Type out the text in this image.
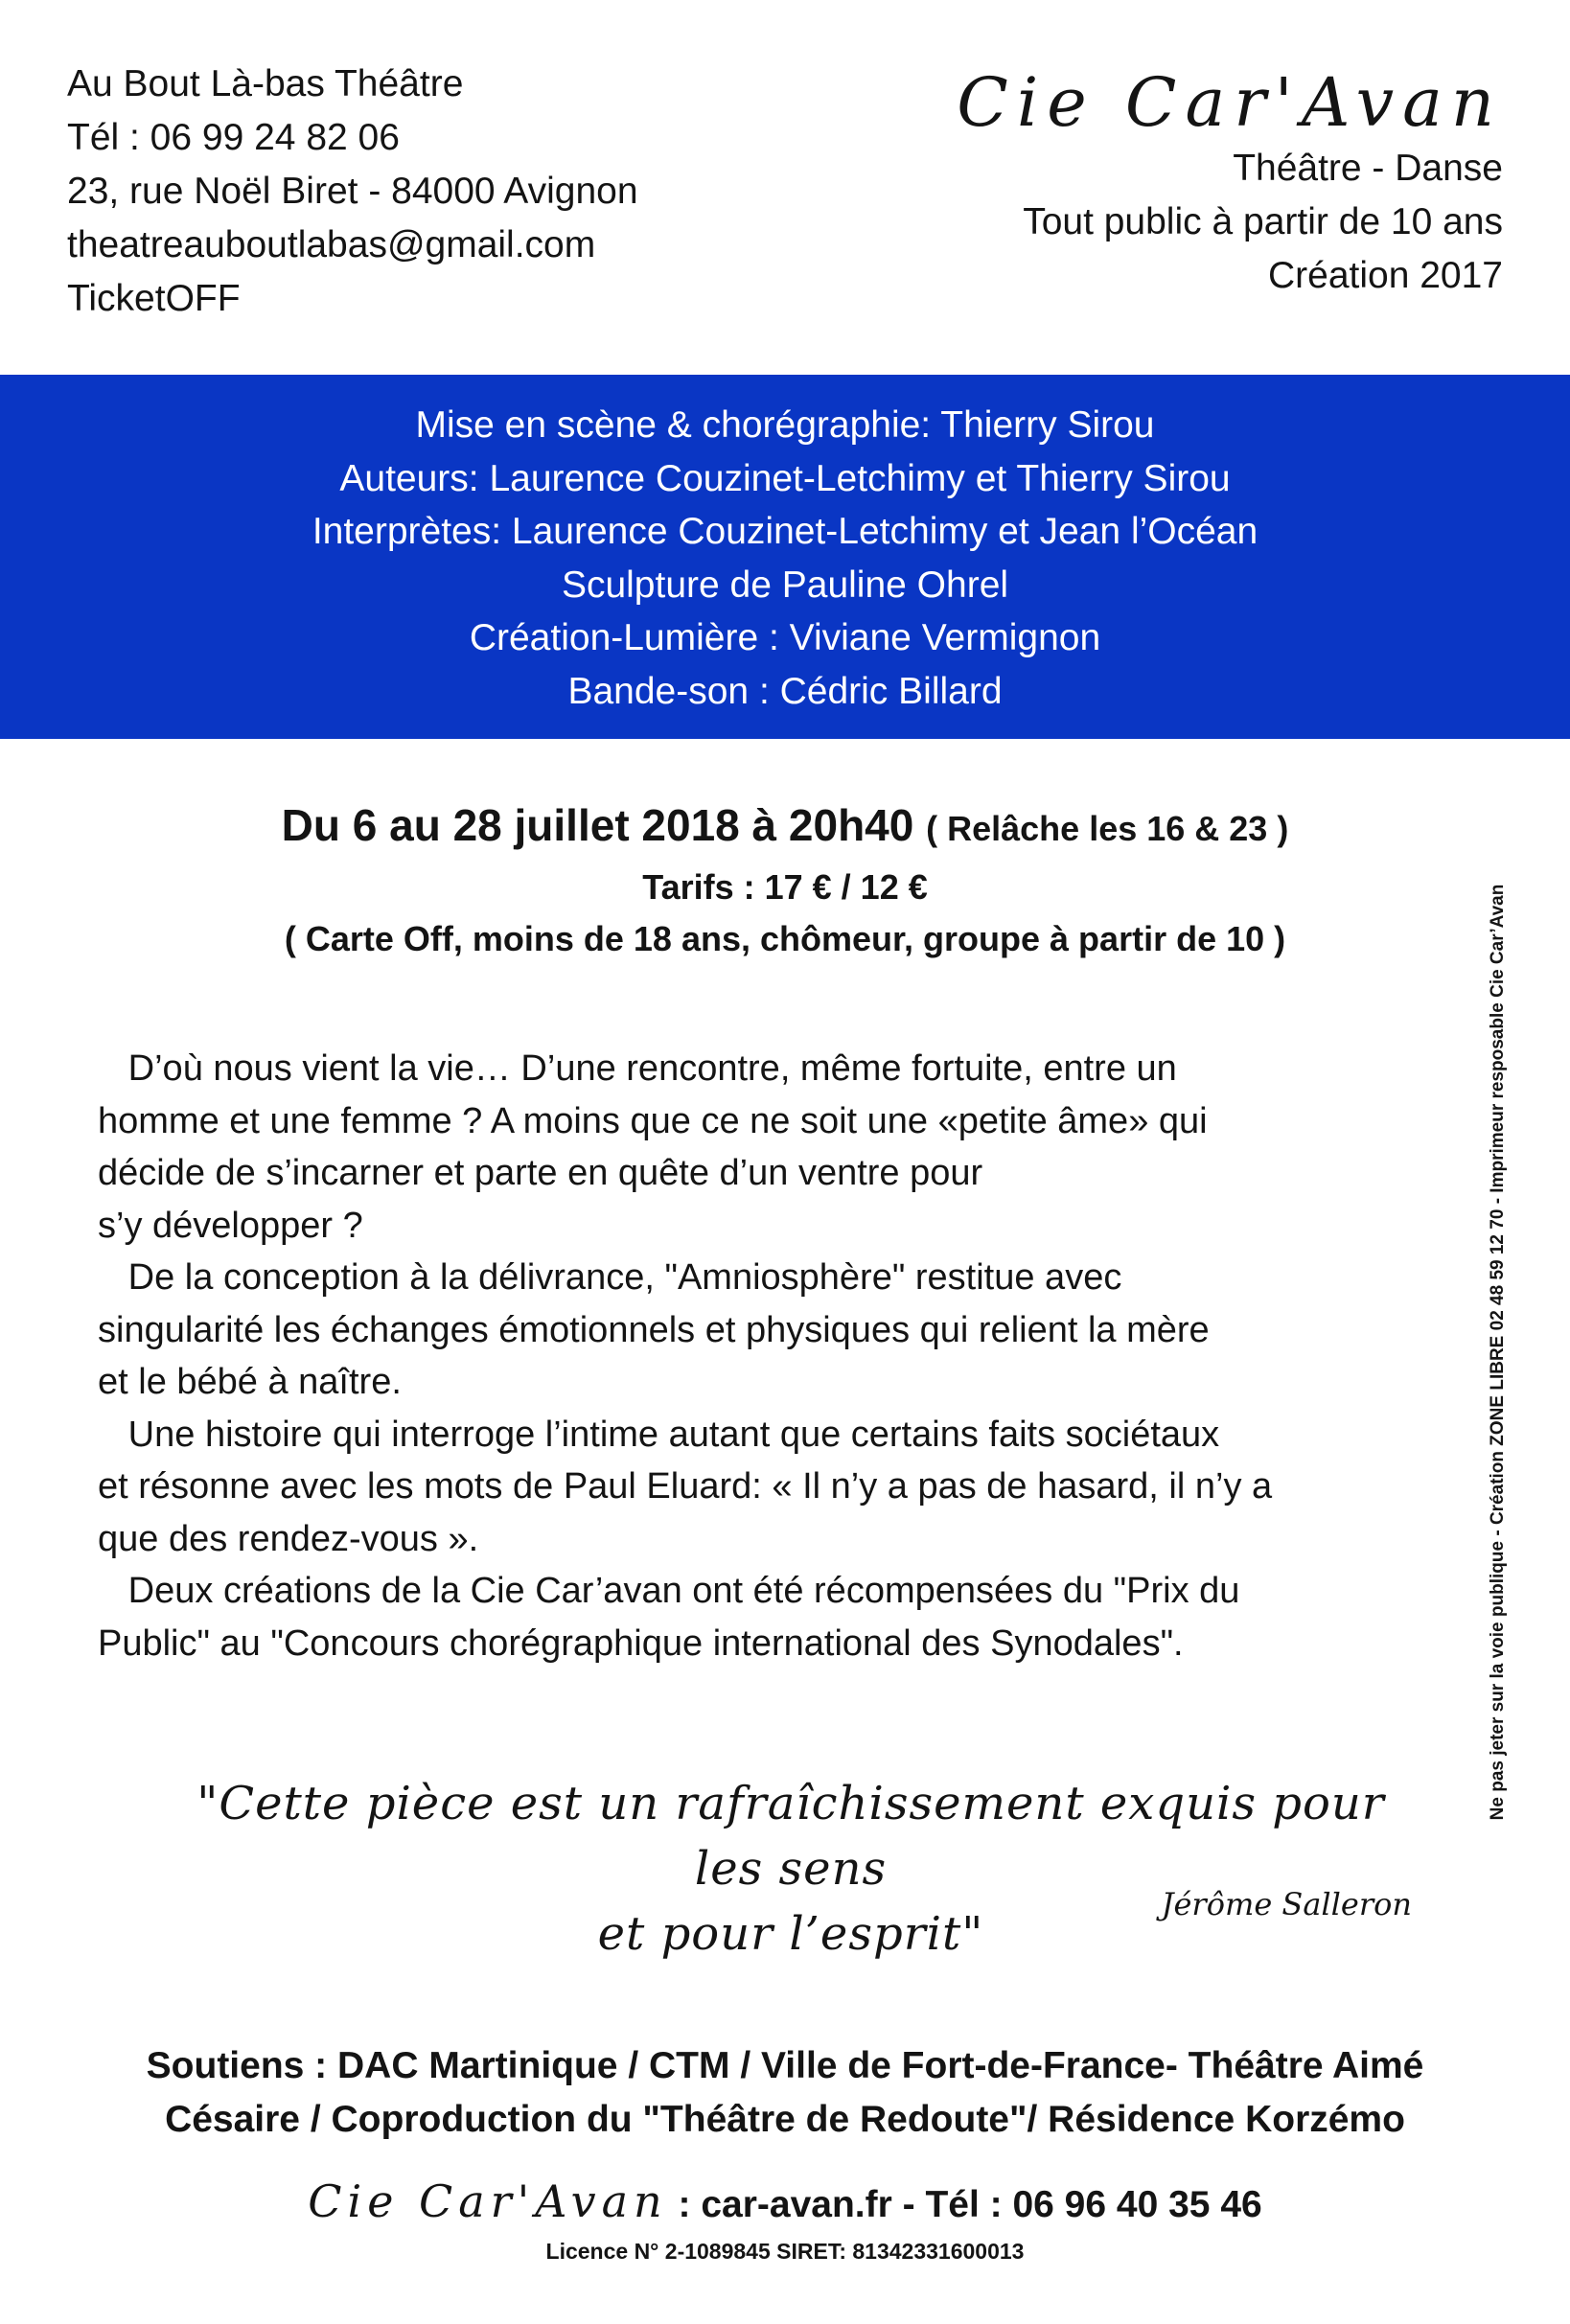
Au Bout Là-bas Théâtre
Tél : 06 99 24 82 06
23, rue Noël Biret - 84000 Avignon
theatreauboutlabas@gmail.com
TicketOFF
Cie Car'Avan
Théâtre - Danse
Tout public à partir de 10 ans
Création 2017
Mise en scène & chorégraphie: Thierry Sirou
Auteurs: Laurence Couzinet-Letchimy et Thierry Sirou
Interprètes: Laurence Couzinet-Letchimy et Jean l’Océan
Sculpture de Pauline Ohrel
Création-Lumière : Viviane Vermignon
Bande-son : Cédric Billard
Du 6 au 28 juillet 2018 à 20h40 ( Relâche les 16 & 23 )
Tarifs : 17 € / 12 €
( Carte Off, moins de 18 ans, chômeur, groupe à partir de 10 )

D’où nous vient la vie… D’une rencontre, même fortuite, entre un

homme et une femme ? A moins que ce ne soit une «petite âme» qui

décide de s’incarner et parte en quête d’un ventre pour

s’y développer ?

De la conception à la délivrance, "Amniosphère" restitue avec

singularité les échanges émotionnels et physiques qui relient la mère

et le bébé à naître.

Une histoire qui interroge l’intime autant que certains faits sociétaux

et résonne avec les mots de Paul Eluard: « Il n’y a pas de hasard, il n’y a

que des rendez-vous ».

Deux créations de la Cie Car’avan ont été récompensées du "Prix du

Public" au "Concours chorégraphique international des Synodales".

"Cette pièce est un rafraîchissement exquis pour les sens
et pour l’esprit"
Jérôme Salleron
Ne pas jeter sur la voie publique - Création ZONE LIBRE 02 48 59 12 70 - Imprimeur resposable Cie Car’Avan
Soutiens : DAC Martinique / CTM / Ville de Fort-de-France- Théâtre Aimé
Césaire / Coproduction du "Théâtre de Redoute"/ Résidence Korzémo
Cie Car'Avan : car-avan.fr - Tél : 06 96 40 35 46
Licence N° 2-1089845 SIRET: 81342331600013
